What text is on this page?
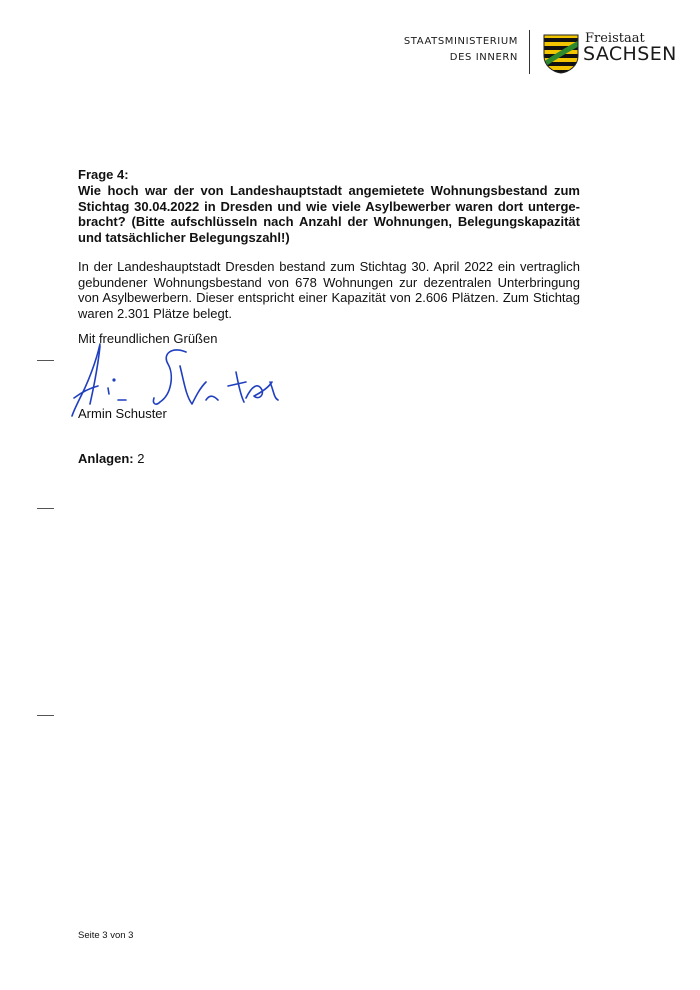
STAATSMINISTERIUM
DES INNERN
Freistaat
SACHSEN
Frage 4:
Wie hoch war der von Landeshauptstadt angemietete Wohnungsbestand zum Stichtag 30.04.2022 in Dresden und wie viele Asylbewerber waren dort untergebracht? (Bitte aufschlüsseln nach Anzahl der Wohnungen, Belegungskapazität und tatsächlicher Belegungszahl!)
In der Landeshauptstadt Dresden bestand zum Stichtag 30. April 2022 ein vertraglich gebundener Wohnungsbestand von 678 Wohnungen zur dezentralen Unterbringung von Asylbewerbern. Dieser entspricht einer Kapazität von 2.606 Plätzen. Zum Stichtag waren 2.301 Plätze belegt.
Mit freundlichen Grüßen
Armin Schuster
Anlagen: 2
Seite 3 von 3
